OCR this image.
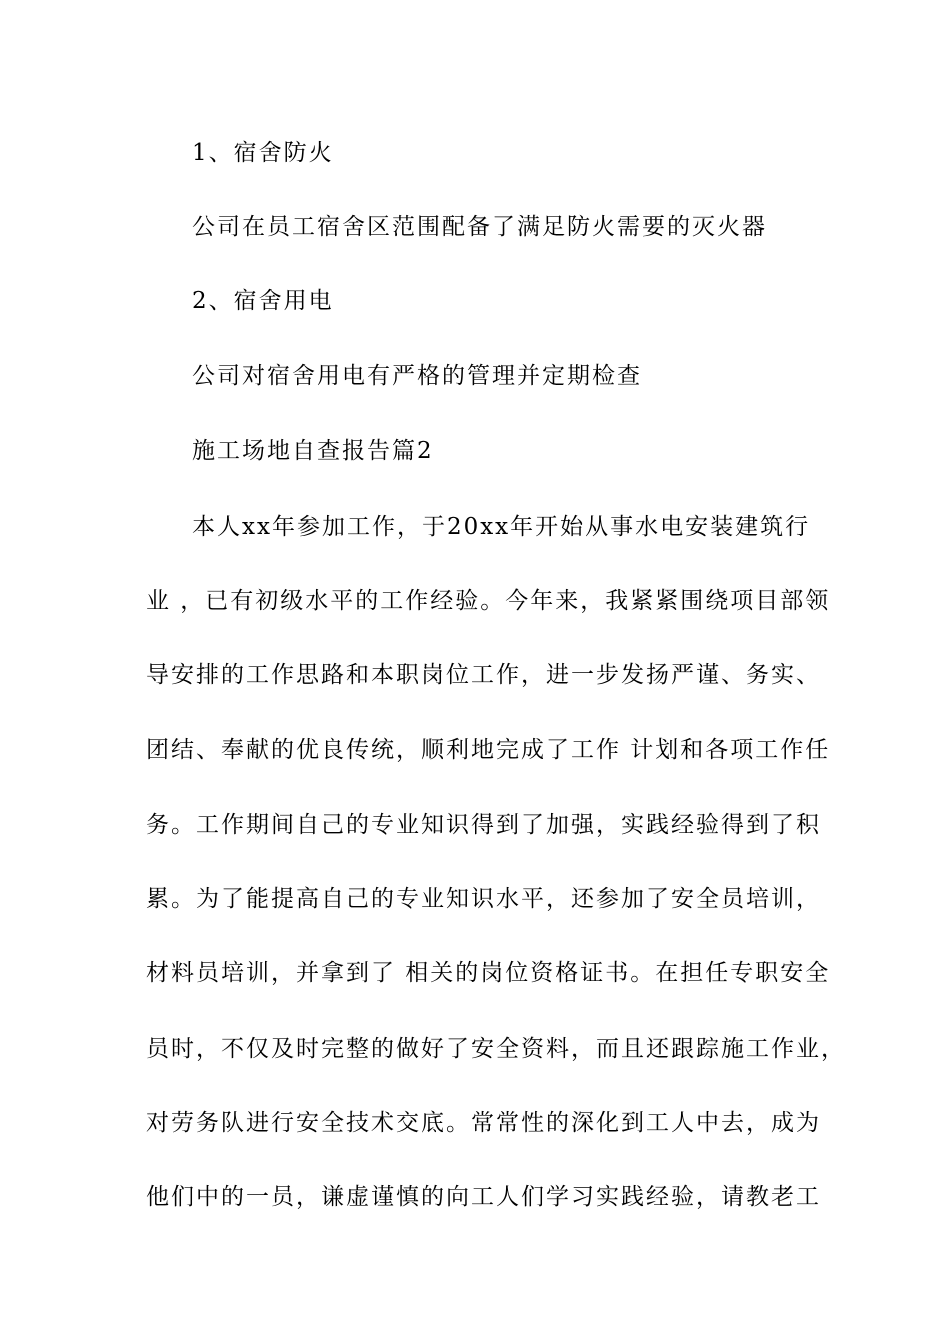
1、宿舍防火
公司在员工宿舍区范围配备了满足防火需要的灭火器
2、宿舍用电
公司对宿舍用电有严格的管理并定期检查
施工场地自查报告篇2
本人xx年参加工作，于20xx年开始从事水电安装建筑行
业 ，已有初级水平的工作经验。今年来，我紧紧围绕项目部领
导安排的工作思路和本职岗位工作，进一步发扬严谨、务实、
团结、奉献的优良传统，顺利地完成了工作 计划和各项工作任
务。工作期间自己的专业知识得到了加强，实践经验得到了积
累。为了能提高自己的专业知识水平，还参加了安全员培训，
材料员培训，并拿到了 相关的岗位资格证书。在担任专职安全
员时，不仅及时完整的做好了安全资料，而且还跟踪施工作业，
对劳务队进行安全技术交底。常常性的深化到工人中去，成为
他们中的一员，谦虚谨慎的向工人们学习实践经验，请教老工
